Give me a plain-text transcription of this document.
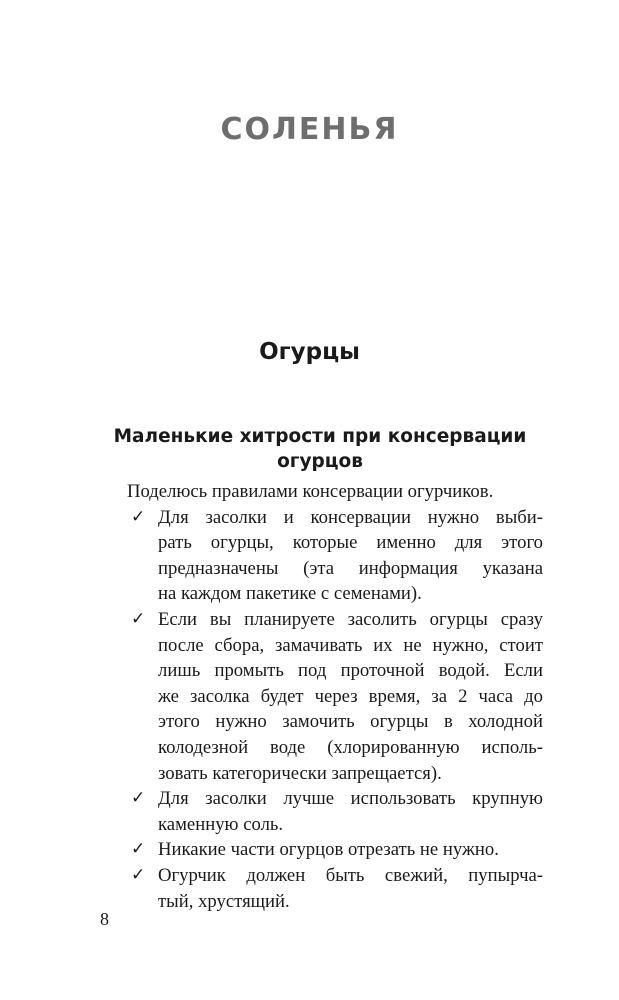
СОЛЕНЬЯ
Огурцы
Маленькие хитрости при консервации
огурцов

Поделюсь правилами консервации огурчиков.

✓ Для засолки и консервации нужно выби-
рать огурцы, которые именно для этого
предназначены (эта информация указана
на каждом пакетике с семенами).
✓ Если вы планируете засолить огурцы сразу
после сбора, замачивать их не нужно, стоит
лишь промыть под проточной водой. Если
же засолка будет через время, за 2 часа до
этого нужно замочить огурцы в холодной
колодезной воде (хлорированную исполь-
зовать категорически запрещается).
✓ Для засолки лучше использовать крупную
каменную соль.
✓ Никакие части огурцов отрезать не нужно.
✓ Огурчик должен быть свежий, пупырча-
тый, хрустящий.

8
